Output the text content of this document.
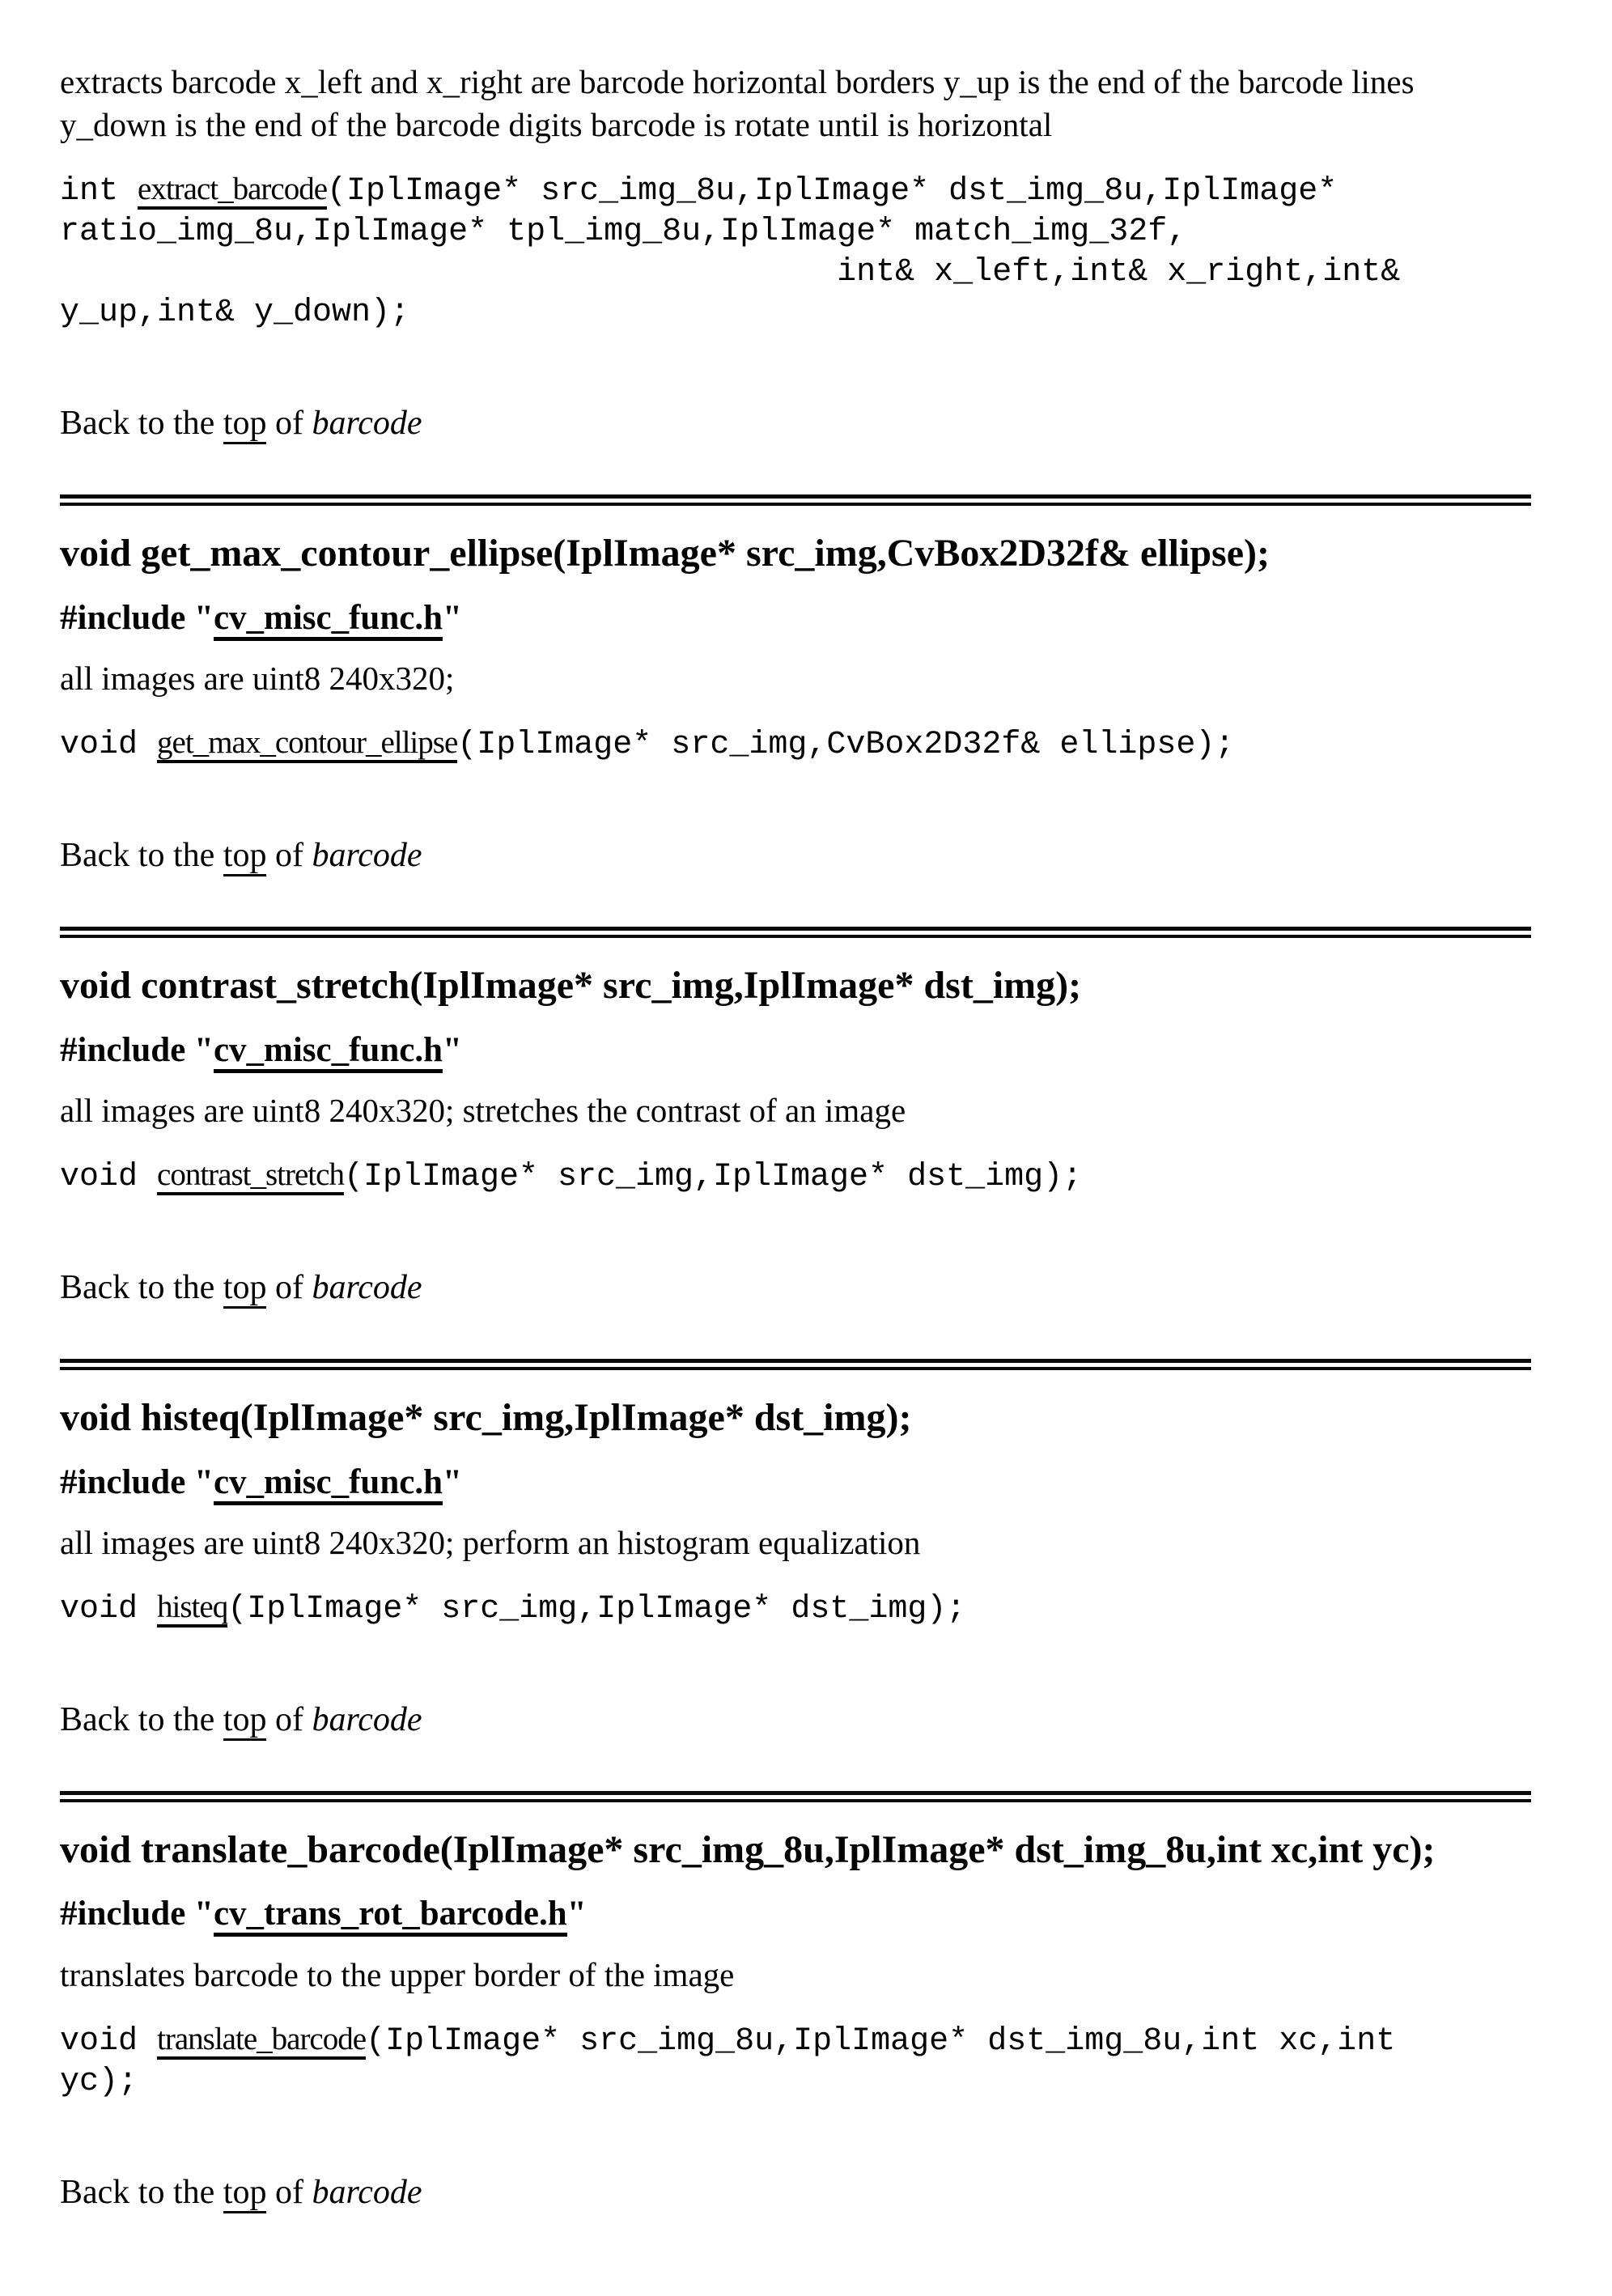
extracts barcode x_left and x_right are barcode horizontal borders y_up is the end of the barcode lines y_down is the end of the barcode digits barcode is rotate until is horizontal

int extract_barcode(IplImage* src_img_8u,IplImage* dst_img_8u,IplImage*
ratio_img_8u,IplImage* tpl_img_8u,IplImage* match_img_32f,
int& x_left,int& x_right,int&
y_up,int& y_down);

Back to the top of barcode

void get_max_contour_ellipse(IplImage* src_img,CvBox2D32f& ellipse);

#include "cv_misc_func.h"

all images are uint8 240x320;

void get_max_contour_ellipse(IplImage* src_img,CvBox2D32f& ellipse);

Back to the top of barcode

void contrast_stretch(IplImage* src_img,IplImage* dst_img);

#include "cv_misc_func.h"

all images are uint8 240x320; stretches the contrast of an image

void contrast_stretch(IplImage* src_img,IplImage* dst_img);

Back to the top of barcode

void histeq(IplImage* src_img,IplImage* dst_img);

#include "cv_misc_func.h"

all images are uint8 240x320; perform an histogram equalization

void histeq(IplImage* src_img,IplImage* dst_img);

Back to the top of barcode

void translate_barcode(IplImage* src_img_8u,IplImage* dst_img_8u,int xc,int yc);

#include "cv_trans_rot_barcode.h"

translates barcode to the upper border of the image

void translate_barcode(IplImage* src_img_8u,IplImage* dst_img_8u,int xc,int
yc);

Back to the top of barcode
